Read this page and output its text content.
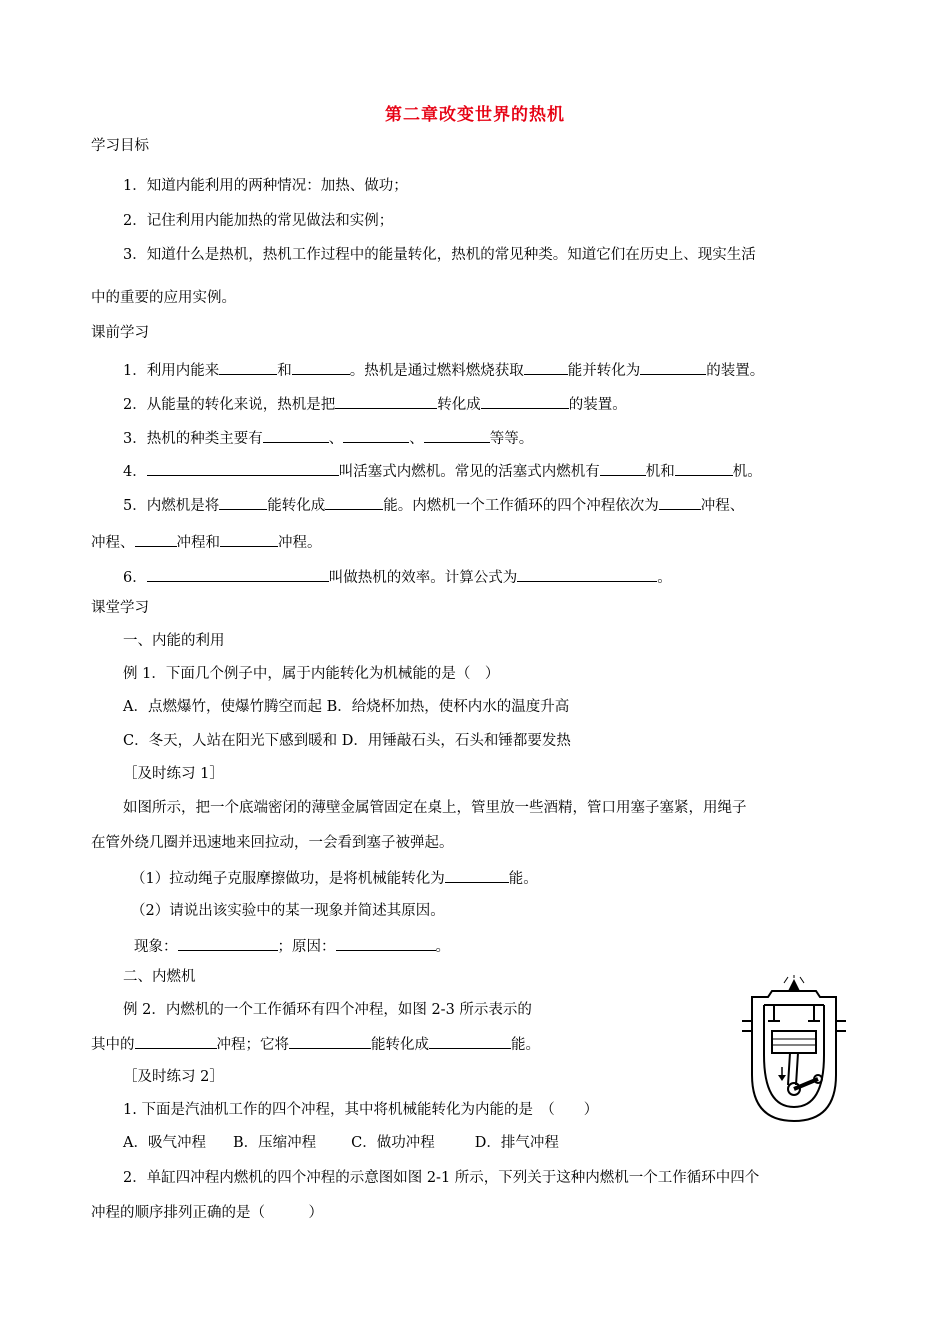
第二章改变世界的热机
学习目标
1．知道内能利用的两种情况：加热、做功；
2．记住利用内能加热的常见做法和实例；
3．知道什么是热机，热机工作过程中的能量转化，热机的常见种类。知道它们在历史上、现实生活
中的重要的应用实例。
课前学习
1．利用内能来	和	。热机是通过燃料燃烧获取	能并转化为	的装置。
2．从能量的转化来说，热机是把	转化成	的装置。
3．热机的种类主要有	、	、	等等。
4．	叫活塞式内燃机。常见的活塞式内燃机有	机和	机。
5．内燃机是将	能转化成	能。内燃机一个工作循环的四个冲程依次为	冲程、
冲程、	冲程和	冲程。
6．	叫做热机的效率。计算公式为	。
课堂学习
一、内能的利用
例 1．下面几个例子中，属于内能转化为机械能的是（　）
A．点燃爆竹，使爆竹腾空而起 B．给烧杯加热，使杯内水的温度升高
C．冬天，人站在阳光下感到暖和 D．用锤敲石头，石头和锤都要发热
［及时练习 1］
如图所示，把一个底端密闭的薄壁金属管固定在桌上，管里放一些酒精，管口用塞子塞紧，用绳子
在管外绕几圈并迅速地来回拉动，一会看到塞子被弹起。
（1）拉动绳子克服摩擦做功，是将机械能转化为	能。
（2）请说出该实验中的某一现象并简述其原因。
现象：	；原因：	。
二、内燃机
例 2．内燃机的一个工作循环有四个冲程，如图 2-3 所示表示的
其中的	冲程；它将	能转化成	能。
［及时练习 2］
1. 下面是汽油机工作的四个冲程，其中将机械能转化为内能的是　（　　）
A．吸气冲程 B．压缩冲程 C．做功冲程	D．排气冲程
2．单缸四冲程内燃机的四个冲程的示意图如图 2-1 所示，下列关于这种内燃机一个工作循环中四个
冲程的顺序排列正确的是（　　　）
